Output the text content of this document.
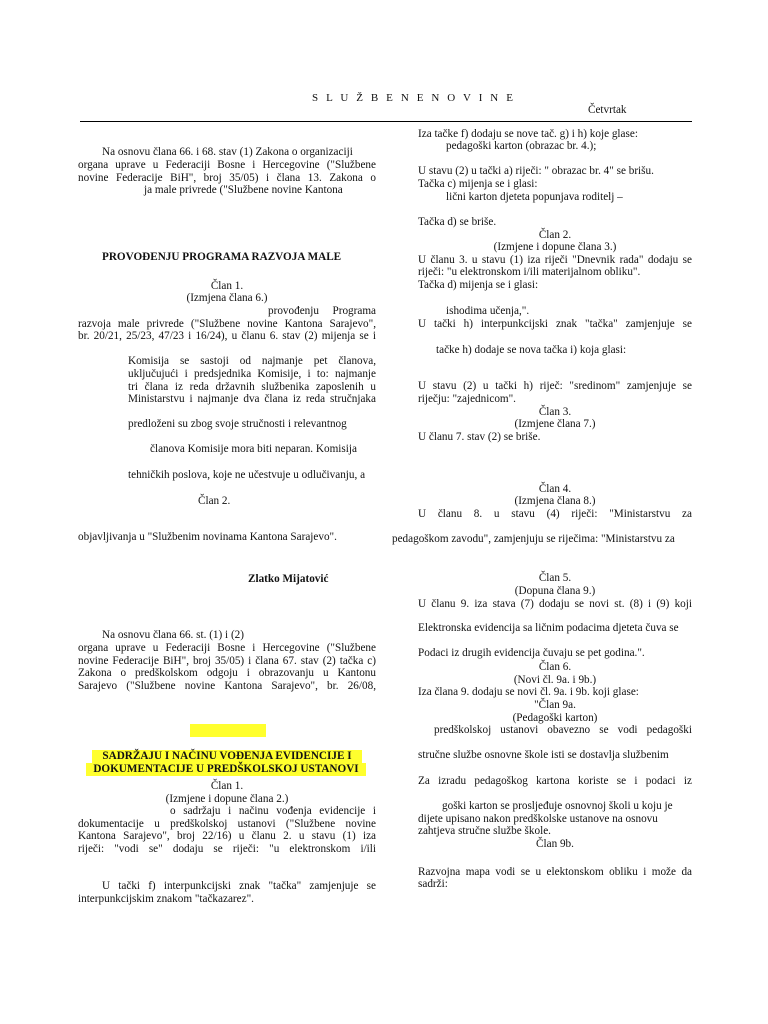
S L U Ž B E N E N O V I N E
Četvrtak
Na osnovu člana 66. i 68. stav (1) Zakona o organizaciji
organa uprave u Federaciji Bosne i Hercegovine ("Službene
novine Federacije BiH", broj 35/05) i člana 13. Zakona o
ja male privrede ("Službene novine Kantona
PROVOĐENJU PROGRAMA RAZVOJA MALE
Član 1.
(Izmjena člana 6.)
provođenju Programa
razvoja male privrede ("Službene novine Kantona Sarajevo",
br. 20/21, 25/23, 47/23 i 16/24), u članu 6. stav (2) mijenja se i
Komisija se sastoji od najmanje pet članova,
uključujući i predsjednika Komisije, i to: najmanje
tri člana iz reda državnih službenika zaposlenih u
Ministarstvu i najmanje dva člana iz reda stručnjaka
predloženi su zbog svoje stručnosti i relevantnog
članova Komisije mora biti neparan. Komisija
tehničkih poslova, koje ne učestvuje u odlučivanju, a
Član 2.
objavljivanja u "Službenim novinama Kantona Sarajevo".
Zlatko Mijatović
Na osnovu člana 66. st. (1) i (2)
organa uprave u Federaciji Bosne i Hercegovine ("Službene
novine Federacije BiH", broj 35/05) i člana 67. stav (2) tačka c)
Zakona o predškolskom odgoju i obrazovanju u Kantonu
Sarajevo ("Službene novine Kantona Sarajevo", br. 26/08,
SADRŽAJU I NAČINU VOĐENJA EVIDENCIJE I
DOKUMENTACIJE U PREDŠKOLSKOJ USTANOVI
Član 1.
(Izmjene i dopune člana 2.)
o sadržaju i načinu vođenja evidencije i
dokumentacije u predškolskoj ustanovi ("Službene novine
Kantona Sarajevo", broj 22/16) u članu 2. u stavu (1) iza
riječi: "vodi se" dodaju se riječi: "u elektronskom i/ili
U tački f) interpunkcijski znak "tačka" zamjenjuje se
interpunkcijskim znakom "tačkazarez".
Iza tačke f) dodaju se nove tač. g) i h) koje glase:
pedagoški karton (obrazac br. 4.);
U stavu (2) u tački a) riječi: " obrazac br. 4" se brišu.
Tačka c) mijenja se i glasi:
lični karton djeteta popunjava roditelj –
Tačka d) se briše.
Član 2.
(Izmjene i dopune člana 3.)
U članu 3. u stavu (1) iza riječi "Dnevnik rada" dodaju se
riječi: "u elektronskom i/ili materijalnom obliku".
Tačka d) mijenja se i glasi:
ishodima učenja,".
U tački h) interpunkcijski znak "tačka" zamjenjuje se
tačke h) dodaje se nova tačka i) koja glasi:
U stavu (2) u tački h) riječ: "sredinom" zamjenjuje se
riječju: "zajednicom".
Član 3.
(Izmjene člana 7.)
U članu 7. stav (2) se briše.
Član 4.
(Izmjena člana 8.)
U članu 8. u stavu (4) riječi: "Ministarstvu za
pedagoškom zavodu", zamjenjuju se riječima: "Ministarstvu za
Član 5.
(Dopuna člana 9.)
U članu 9. iza stava (7) dodaju se novi st. (8) i (9) koji
Elektronska evidencija sa ličnim podacima djeteta čuva se
Podaci iz drugih evidencija čuvaju se pet godina.".
Član 6.
(Novi čl. 9a. i 9b.)
Iza člana 9. dodaju se novi čl. 9a. i 9b. koji glase:
"Član 9a.
(Pedagoški karton)
predškolskoj ustanovi obavezno se vodi pedagoški
stručne službe osnovne škole isti se dostavlja službenim
Za izradu pedagoškog kartona koriste se i podaci iz
goški karton se prosljeđuje osnovnoj školi u koju je
dijete upisano nakon predškolske ustanove na osnovu
zahtjeva stručne službe škole.
Član 9b.
Razvojna mapa vodi se u elektonskom obliku i može da
sadrži:
